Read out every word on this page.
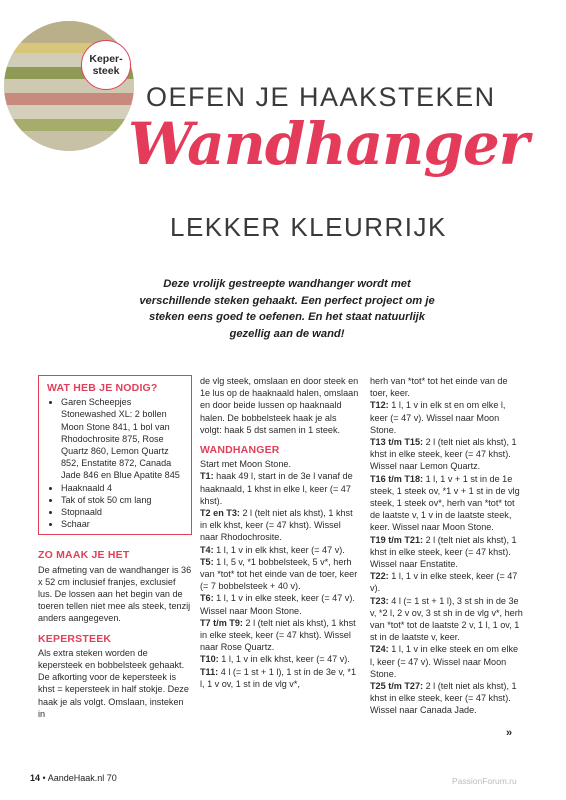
Keper-
steek
OEFEN JE HAAKSTEKEN
Wandhanger
LEKKER KLEURRIJK
Deze vrolijk gestreepte wandhanger wordt met verschillende steken gehaakt. Een perfect project om je steken eens goed te oefenen. En het staat natuurlijk gezellig aan de wand!
WAT HEB JE NODIG?
• Garen Scheepjes Stonewashed XL: 2 bollen Moon Stone 841, 1 bol van Rhodochrosite 875, Rose Quartz 860, Lemon Quartz 852, Enstatite 872, Canada Jade 846 en Blue Apatite 845
• Haaknaald 4
• Tak of stok 50 cm lang
• Stopnaald
• Schaar
ZO MAAK JE HET

De afmeting van de wandhanger is 36 x 52 cm inclusief franjes, exclusief lus. De lossen aan het begin van de toeren tellen niet mee als steek, tenzij anders aangegeven.

KEPERSTEEK

Als extra steken worden de kepersteek en bobbelsteek gehaakt. De afkorting voor de kepersteek is khst = kepersteek in half stokje. Deze haak je als volgt. Omslaan, insteken in

de vlg steek, omslaan en door steek en 1e lus op de haaknaald halen, omslaan en door beide lussen op haaknaald halen. De bobbelsteek haak je als volgt: haak 5 dst samen in 1 steek.

WANDHANGER

Start met Moon Stone.

T1: haak 49 l, start in de 3e l vanaf de haaknaald, 1 khst in elke l, keer (= 47 khst).

T2 en T3: 2 l (telt niet als khst), 1 khst in elk khst, keer (= 47 khst). Wissel naar Rhodochrosite.

T4: 1 l, 1 v in elk khst, keer (= 47 v).

T5: 1 l, 5 v, *1 bobbelsteek, 5 v*, herh van *tot* tot het einde van de toer, keer (= 7 bobbelsteek + 40 v).

T6: 1 l, 1 v in elke steek, keer (= 47 v). Wissel naar Moon Stone.

T7 t/m T9: 2 l (telt niet als khst), 1 khst in elke steek, keer (= 47 khst). Wissel naar Rose Quartz.

T10: 1 l, 1 v in elk khst, keer (= 47 v).

T11: 4 l (= 1 st + 1 l), 1 st in de 3e v, *1 l, 1 v ov, 1 st in de vlg v*,

herh van *tot* tot het einde van de toer, keer.

T12: 1 l, 1 v in elk st en om elke l, keer (= 47 v). Wissel naar Moon Stone.

T13 t/m T15: 2 l (telt niet als khst), 1 khst in elke steek, keer (= 47 khst). Wissel naar Lemon Quartz.

T16 t/m T18: 1 l, 1 v + 1 st in de 1e steek, 1 steek ov, *1 v + 1 st in de vlg steek, 1 steek ov*, herh van *tot* tot de laatste v, 1 v in de laatste steek, keer. Wissel naar Moon Stone.

T19 t/m T21: 2 l (telt niet als khst), 1 khst in elke steek, keer (= 47 khst). Wissel naar Enstatite.

T22: 1 l, 1 v in elke steek, keer (= 47 v).

T23: 4 l (= 1 st + 1 l), 3 st sh in de 3e v, *2 l, 2 v ov, 3 st sh in de vlg v*, herh van *tot* tot de laatste 2 v, 1 l, 1 ov, 1 st in de laatste v, keer.

T24: 1 l, 1 v in elke steek en om elke l, keer (= 47 v). Wissel naar Moon Stone.

T25 t/m T27: 2 l (telt niet als khst), 1 khst in elke steek, keer (= 47 khst). Wissel naar Canada Jade.

»
14 • AandeHaak.nl 70	PassionForum.ru
